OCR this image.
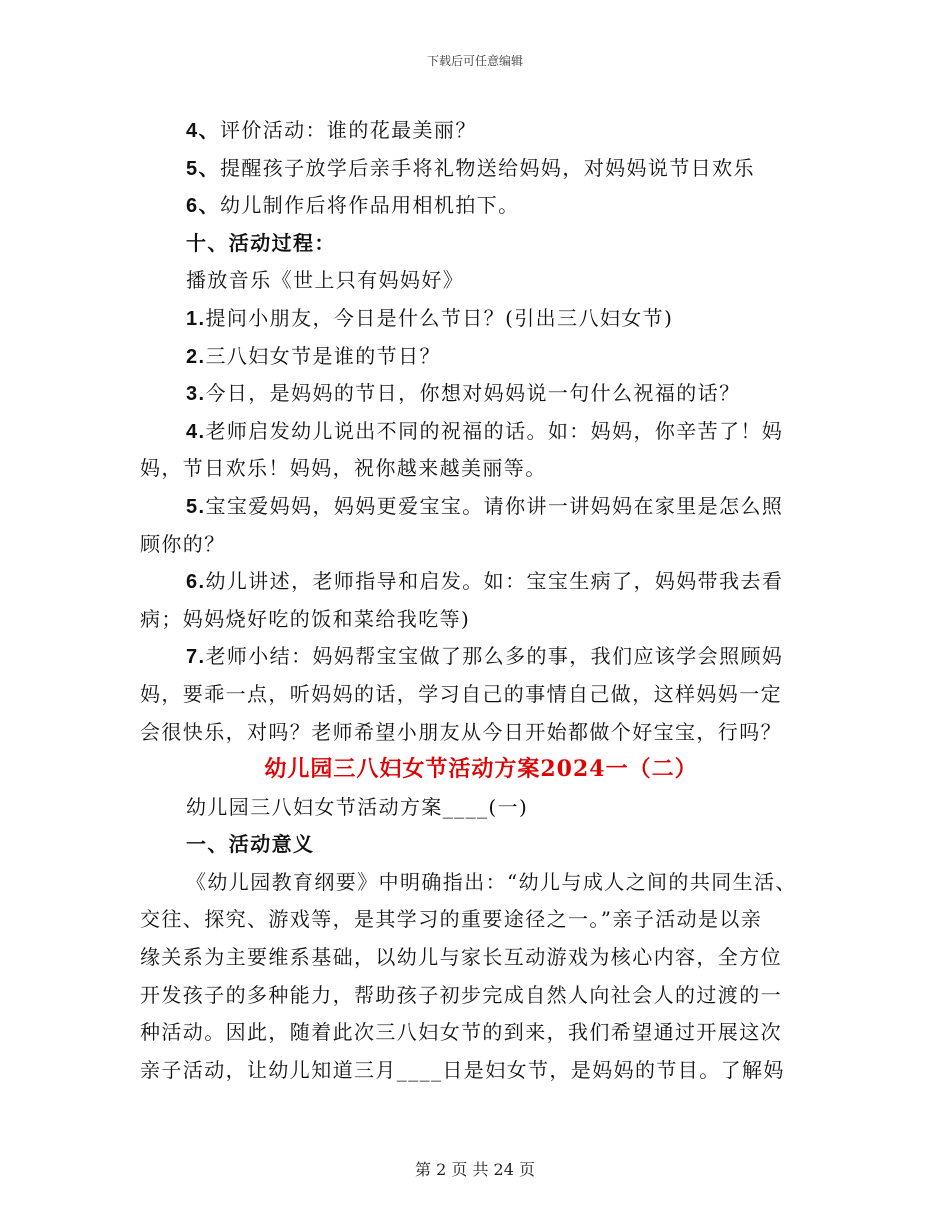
下载后可任意编辑
4、评价活动：谁的花最美丽？
5、提醒孩子放学后亲手将礼物送给妈妈，对妈妈说节日欢乐
6、幼儿制作后将作品用相机拍下。
十、活动过程：
播放音乐《世上只有妈妈好》
1.提问小朋友，今日是什么节日？(引出三八妇女节)
2.三八妇女节是谁的节日？
3.今日，是妈妈的节日，你想对妈妈说一句什么祝福的话？
4.老师启发幼儿说出不同的祝福的话。如：妈妈，你辛苦了！妈
妈，节日欢乐！妈妈，祝你越来越美丽等。
5.宝宝爱妈妈，妈妈更爱宝宝。请你讲一讲妈妈在家里是怎么照
顾你的？
6.幼儿讲述，老师指导和启发。如：宝宝生病了，妈妈带我去看
病；妈妈烧好吃的饭和菜给我吃等)
7.老师小结：妈妈帮宝宝做了那么多的事，我们应该学会照顾妈
妈，要乖一点，听妈妈的话，学习自己的事情自己做，这样妈妈一定
会很快乐，对吗？老师希望小朋友从今日开始都做个好宝宝，行吗？
幼儿园三八妇女节活动方案2024一（二）
幼儿园三八妇女节活动方案____(一)
一、活动意义
《幼儿园教育纲要》中明确指出：“幼儿与成人之间的共同生活、
交往、探究、游戏等，是其学习的重要途径之一。”亲子活动是以亲
缘关系为主要维系基础，以幼儿与家长互动游戏为核心内容，全方位
开发孩子的多种能力，帮助孩子初步完成自然人向社会人的过渡的一
种活动。因此，随着此次三八妇女节的到来，我们希望通过开展这次
亲子活动，让幼儿知道三月____日是妇女节，是妈妈的节目。了解妈
第 2 页 共 24 页
